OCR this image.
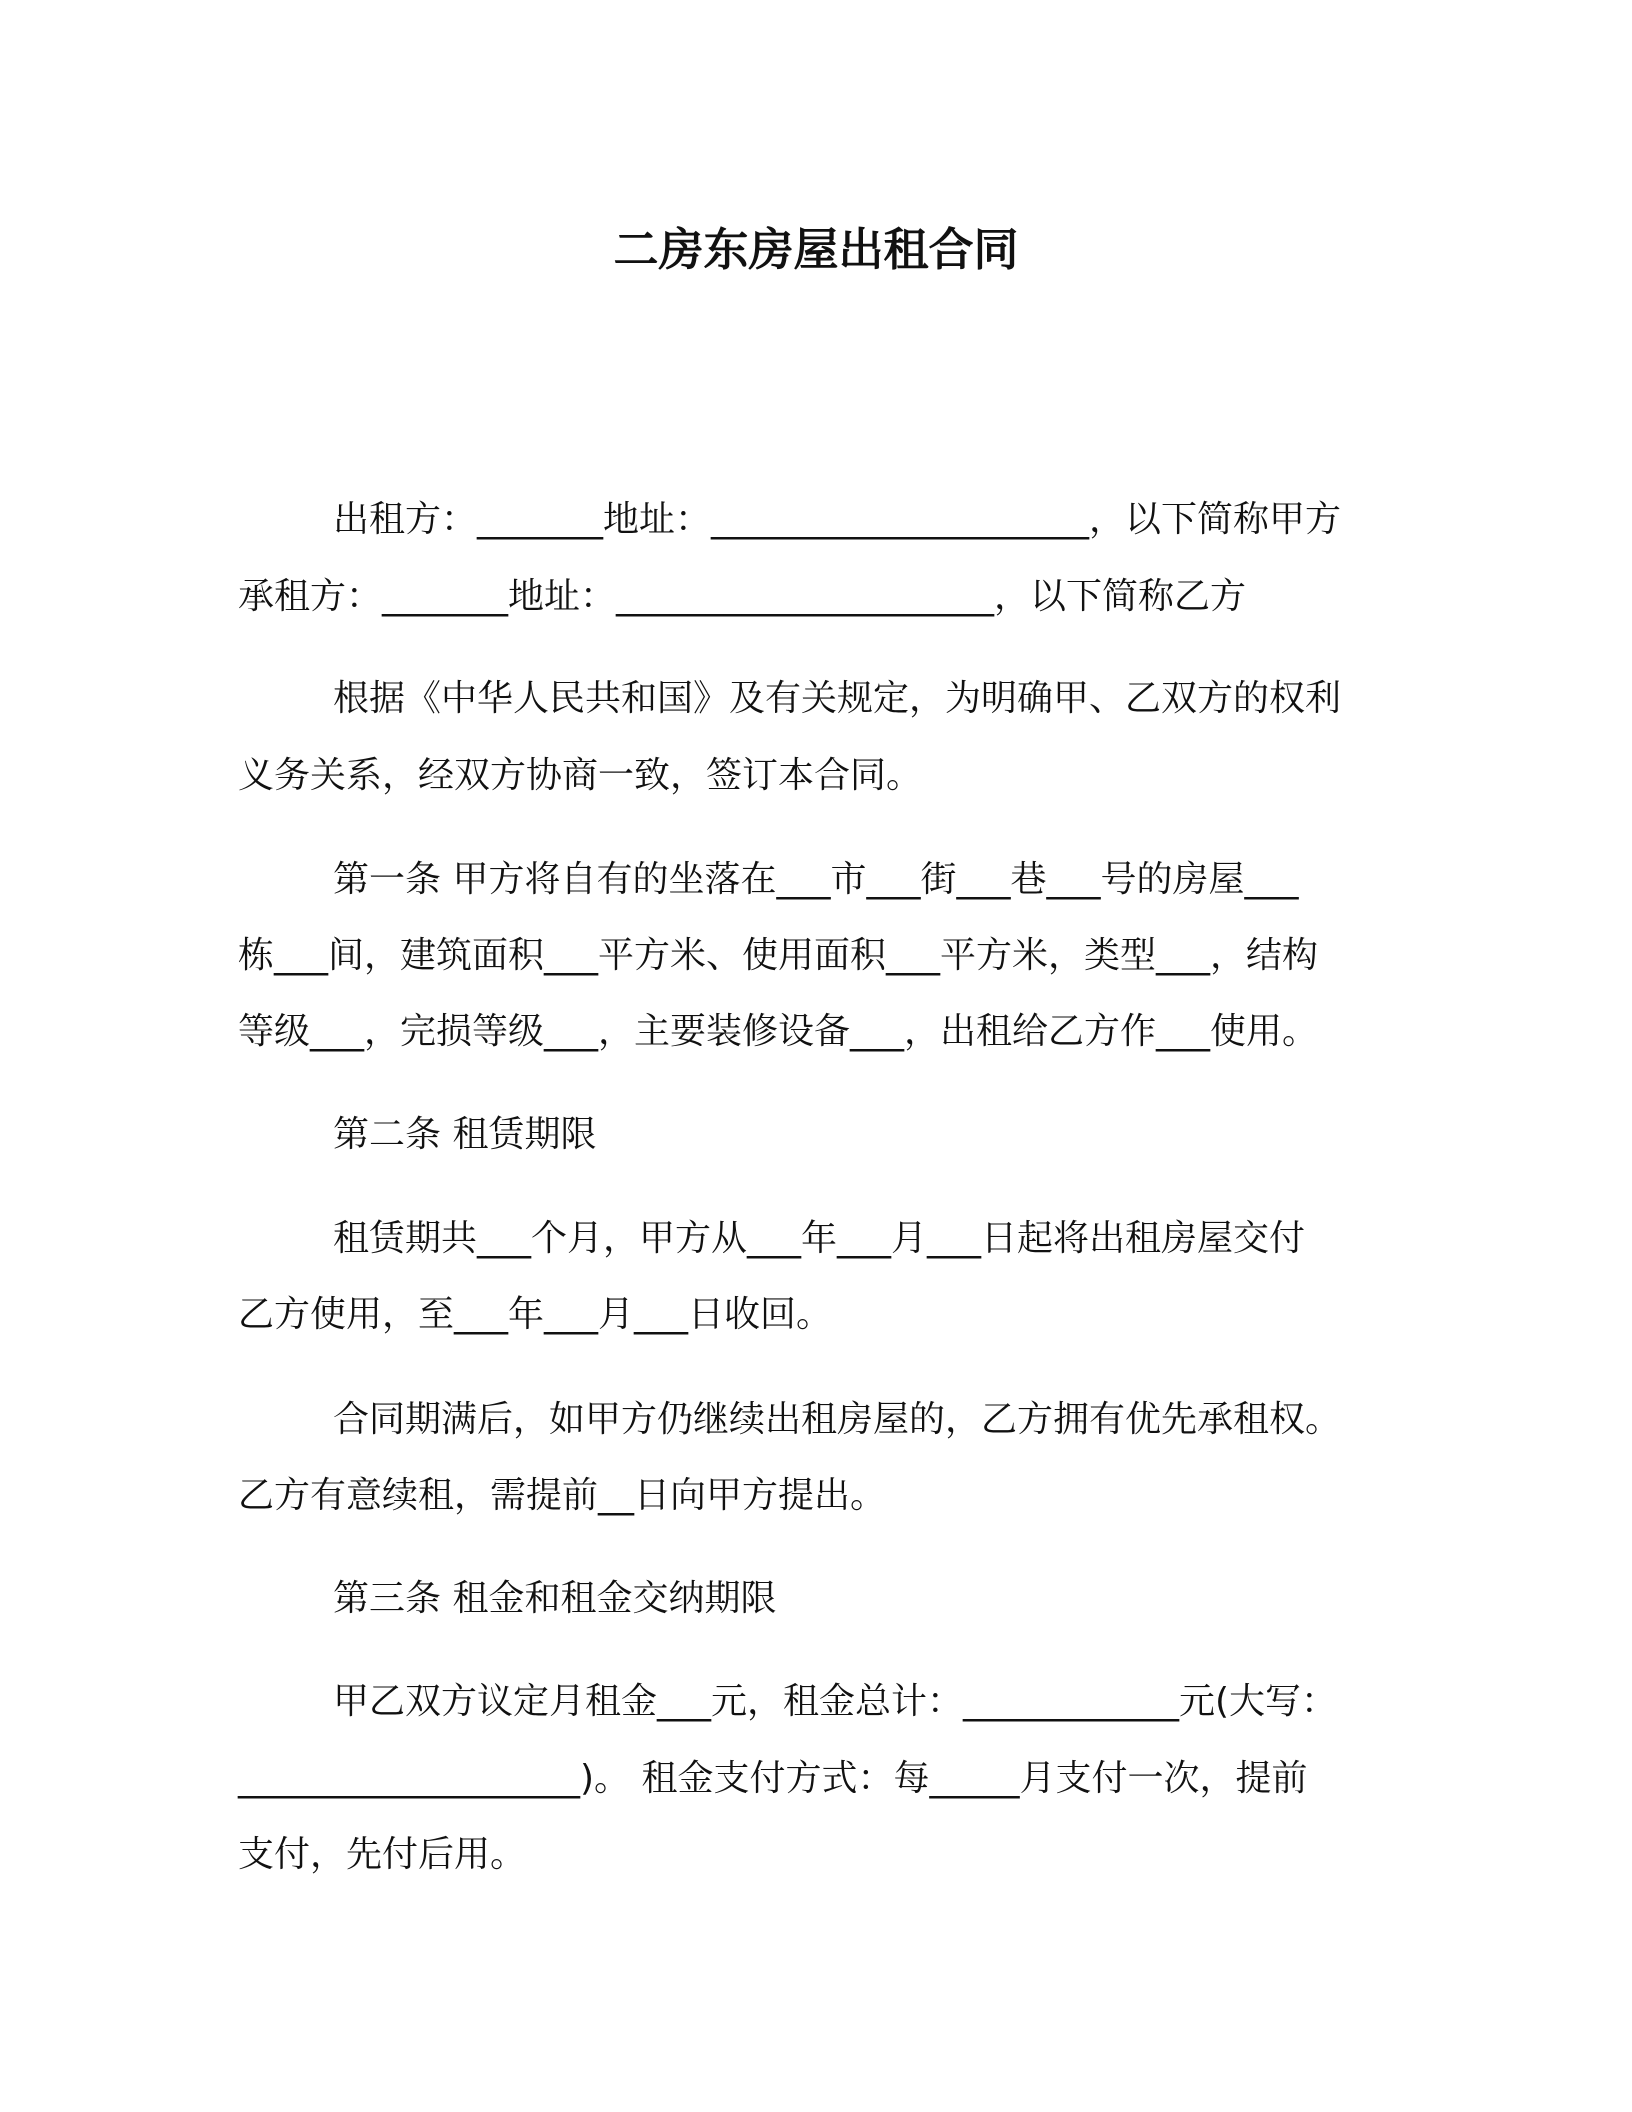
二房东房屋出租合同
出租方：_______地址：_____________________，以下简称甲方
承租方：_______地址：_____________________，以下简称乙方
根据《中华人民共和国》及有关规定，为明确甲、乙双方的权利
义务关系，经双方协商一致，签订本合同。
第一条 甲方将自有的坐落在___市___街___巷___号的房屋___
栋___间，建筑面积___平方米、使用面积___平方米，类型___，结构
等级___，完损等级___，主要装修设备___，出租给乙方作___使用。
第二条 租赁期限
租赁期共___个月，甲方从___年___月___日起将出租房屋交付
乙方使用，至___年___月___日收回。
合同期满后，如甲方仍继续出租房屋的，乙方拥有优先承租权。
乙方有意续租，需提前__日向甲方提出。
第三条 租金和租金交纳期限
甲乙双方议定月租金___元，租金总计：____________元(大写：
___________________)。 租金支付方式：每_____月支付一次，提前
支付，先付后用。
